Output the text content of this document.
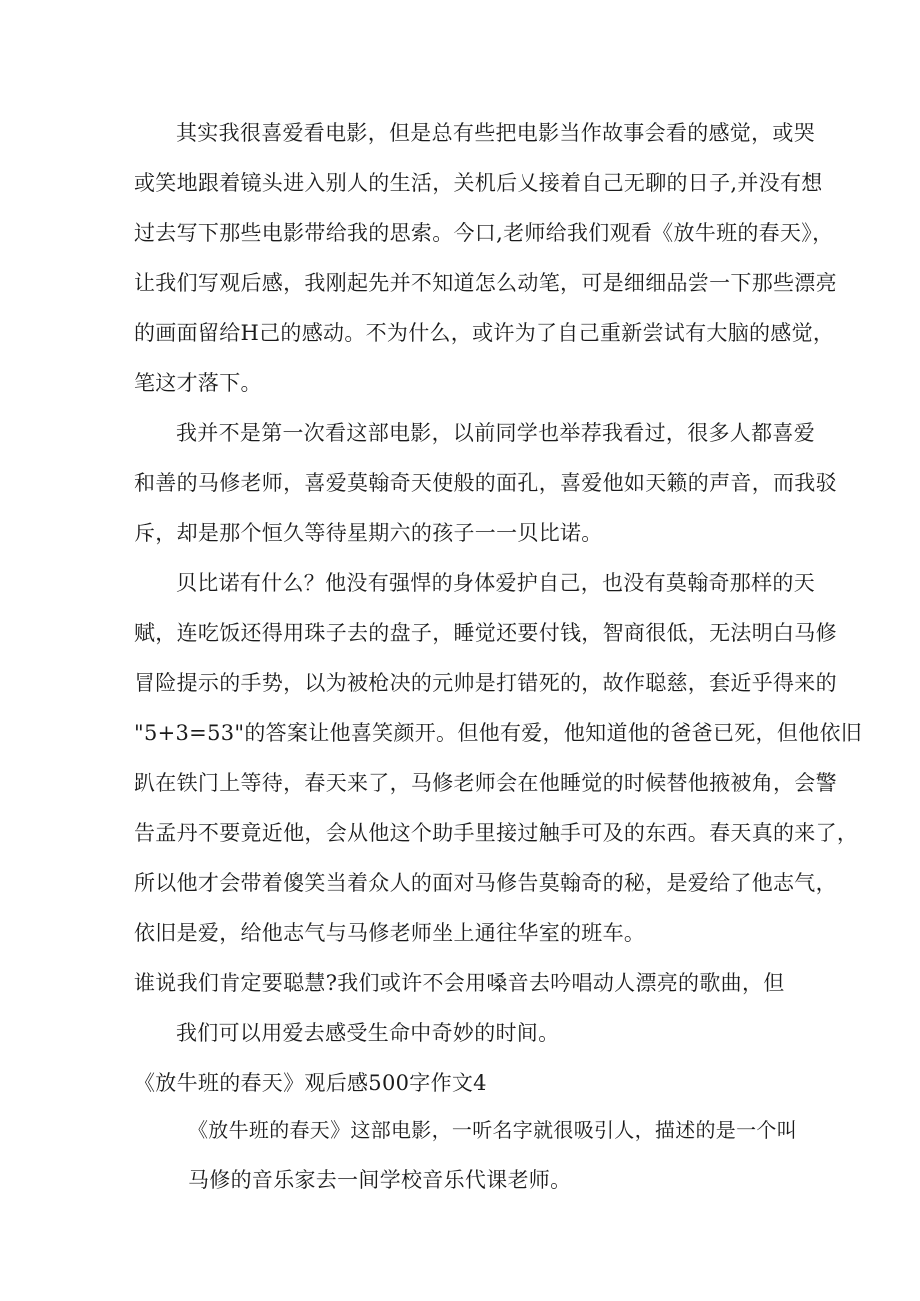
其实我很喜爱看电影，但是总有些把电影当作故事会看的感觉，或哭
或笑地跟着镜头进入别人的生活，关机后乂接着自己无聊的日子,并没有想
过去写下那些电影带给我的思索。今口,老师给我们观看《放牛班的春天》，
让我们写观后感，我刚起先并不知道怎么动笔，可是细细品尝一下那些漂亮
的画面留给H己的感动。不为什么，或许为了自己重新尝试有大脑的感觉，
笔这才落下。
我并不是第一次看这部电影，以前同学也举荐我看过，很多人都喜爱
和善的马修老师，喜爱莫翰奇天使般的面孔，喜爱他如天籁的声音，而我驳
斥，却是那个恒久等待星期六的孩子一一贝比诺。
贝比诺有什么？他没有强悍的身体爱护自己，也没有莫翰奇那样的天
赋，连吃饭还得用珠子去的盘子，睡觉还要付钱，智商很低，无法明白马修
冒险提示的手势，以为被枪决的元帅是打错死的，故作聪慈，套近乎得来的
"5+3=53"的答案让他喜笑颜开。但他有爱，他知道他的爸爸已死，但他依旧
趴在铁门上等待，春天来了，马修老师会在他睡觉的时候替他掖被角，会警
告孟丹不要竟近他，会从他这个助手里接过触手可及的东西。春天真的来了，
所以他才会带着傻笑当着众人的面对马修告莫翰奇的秘，是爱给了他志气，
依旧是爱，给他志气与马修老师坐上通往华室的班车。
谁说我们肯定要聪慧?我们或许不会用嗓音去吟唱动人漂亮的歌曲，但
我们可以用爱去感受生命中奇妙的时间。
《放牛班的春天》观后感500字作文4
《放牛班的春天》这部电影，一听名字就很吸引人，描述的是一个叫
马修的音乐家去一间学校音乐代课老师。
